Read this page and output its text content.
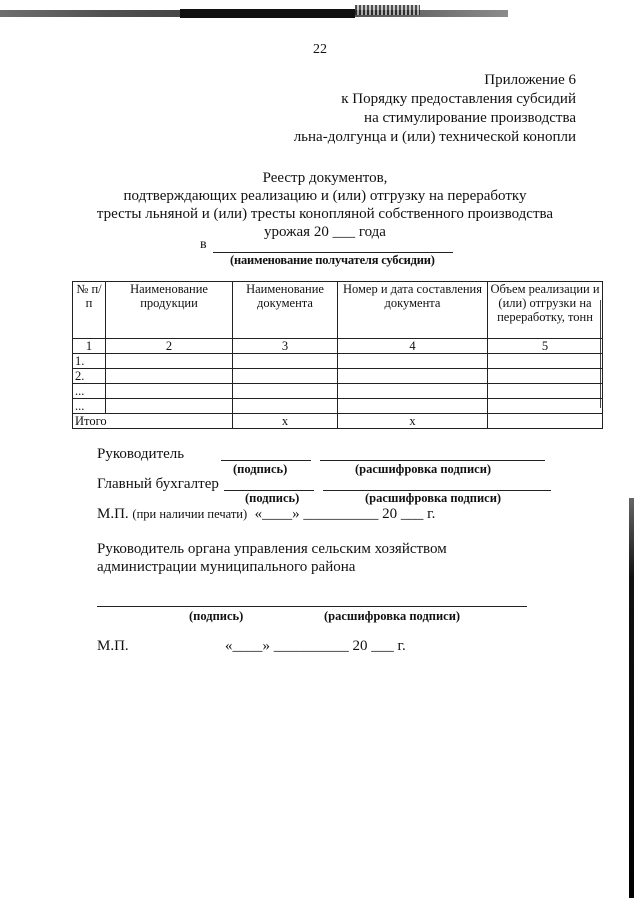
22
Приложение 6
к Порядку предоставления субсидий
на стимулирование производства
льна-долгунца и (или) технической конопли
Реестр документов,
подтверждающих реализацию и (или) отгрузку на переработку
тресты льняной и (или) тресты конопляной собственного производства
урожая 20 ___ года
в
(наименование получателя субсидии)
№ п/п	Наименование продукции	Наименование документа	Номер и дата составления документа	Объем реализации и (или) отгрузки на переработку, тонн
1	2	3	4	5
1.				
2.				
...				
...				
Итого		x	x	
Руководитель
(подпись)	(расшифровка подписи)
Главный бухгалтер
(подпись)	(расшифровка подписи)
М.П. (при наличии печати) «____» __________ 20 ___ г.
Руководитель органа управления сельским хозяйством
администрации муниципального района
(подпись)	(расшифровка подписи)
М.П.	«____» __________ 20 ___ г.
